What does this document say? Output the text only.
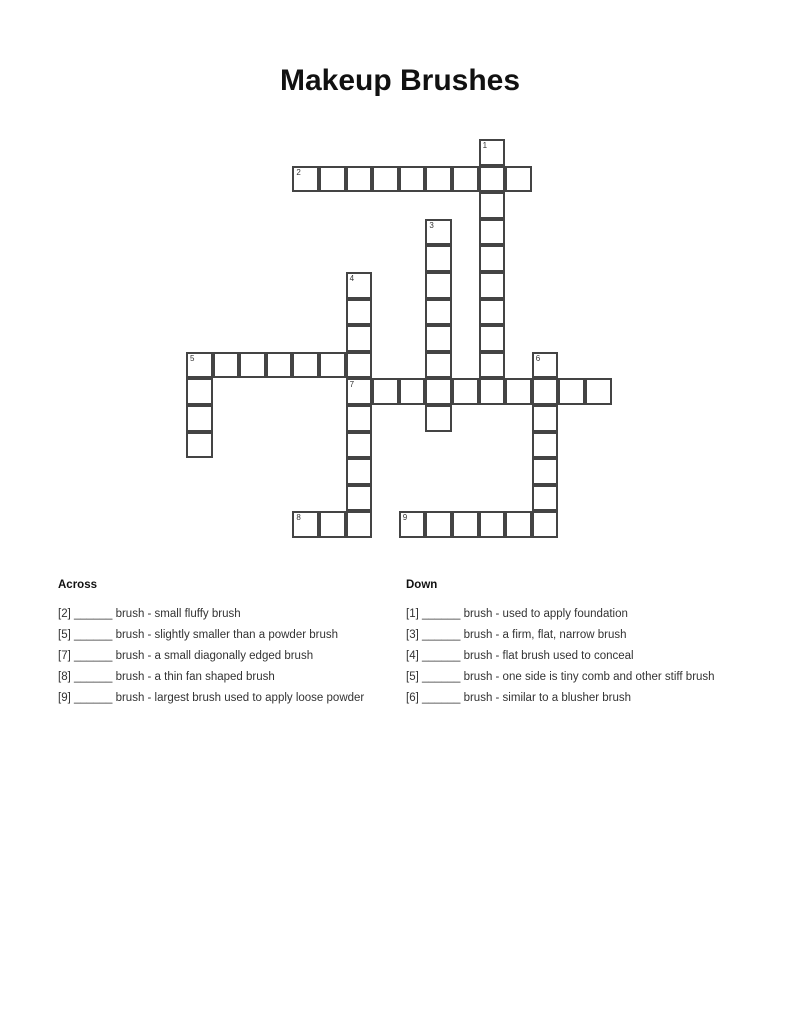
Makeup Brushes
1
2
3
4
7
5	6
8	9
Across
[2] ______ brush - small fluffy brush
[5] ______ brush - slightly smaller than a powder brush
[7] ______ brush - a small diagonally edged brush
[8] ______ brush - a thin fan shaped brush
[9] ______ brush - largest brush used to apply loose powder
Down
[1] ______ brush - used to apply foundation
[3] ______ brush - a firm, flat, narrow brush
[4] ______ brush - flat brush used to conceal
[5] ______ brush - one side is tiny comb and other stiff brush
[6] ______ brush - similar to a blusher brush
